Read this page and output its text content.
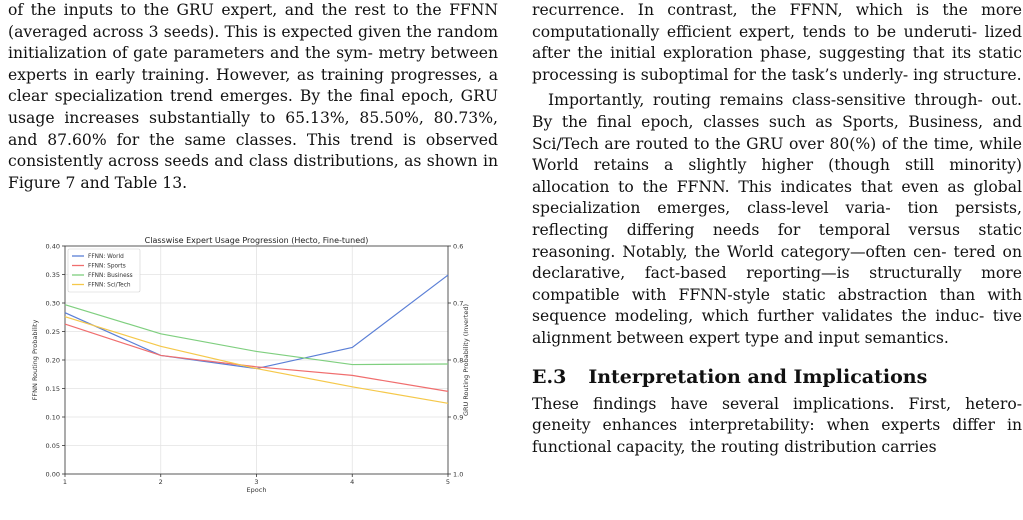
of the inputs to the GRU expert, and the rest to the FFNN (averaged across 3 seeds). This is expected given the random initialization of gate parameters and the sym- metry between experts in early training. However, as training progresses, a clear specialization trend emerges. By the final epoch, GRU usage increases substantially to 65.13%, 85.50%, 80.73%, and 87.60% for the same classes. This trend is observed consistently across seeds and class distributions, as shown in Figure 7 and Table 13.

0.00
0.05
0.10
0.15
0.20
0.25
0.30
0.35
0.40	0.6
0.7
0.8
0.9
1.0
1	2	3	4	5
Classwise Expert Usage Progression (Hecto, Fine-tuned)
Epoch
FFNN Routing Probability	GRU Routing Probability (Inverted)
FFNN: World
FFNN: Sports
FFNN: Business
FFNN: Sci/Tech

recurrence. In contrast, the FFNN, which is the more computationally efficient expert, tends to be underuti- lized after the initial exploration phase, suggesting that its static processing is suboptimal for the task’s underly- ing structure.

Importantly, routing remains class-sensitive through- out. By the final epoch, classes such as Sports, Business, and Sci/Tech are routed to the GRU over 80(%) of the time, while World retains a slightly higher (though still minority) allocation to the FFNN. This indicates that even as global specialization emerges, class-level varia- tion persists, reflecting differing needs for temporal versus static reasoning. Notably, the World category—often cen- tered on declarative, fact-based reporting—is structurally more compatible with FFNN-style static abstraction than with sequence modeling, which further validates the induc- tive alignment between expert type and input semantics.

E.3 Interpretation and Implications

These findings have several implications. First, hetero- geneity enhances interpretability: when experts differ in functional capacity, the routing distribution carries
